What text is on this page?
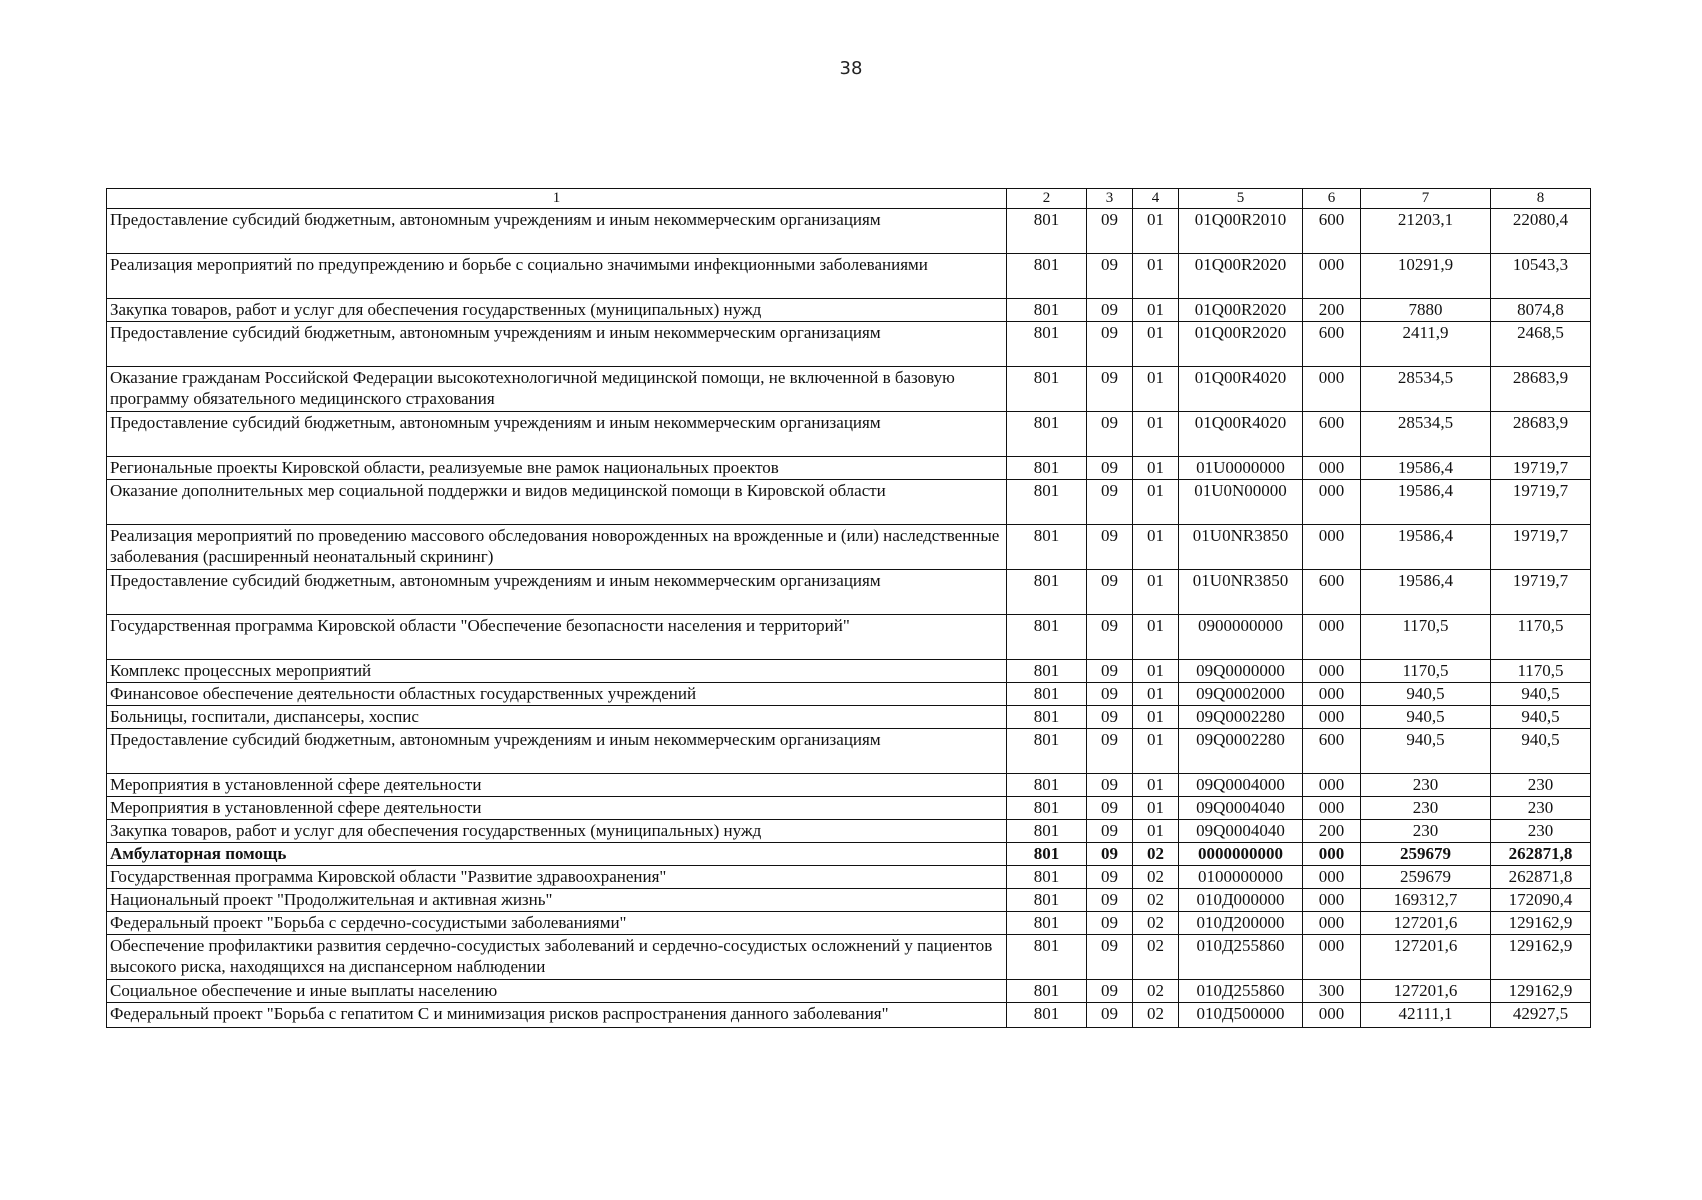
38
1	2	3	4	5	6	7	8
Предоставление субсидий бюджетным, автономным учреждениям и иным некоммерческим организациям	801	09	01	01Q00R2010	600	21203,1	22080,4
Реализация мероприятий по предупреждению и борьбе с социально значимыми инфекционными заболеваниями	801	09	01	01Q00R2020	000	10291,9	10543,3
Закупка товаров, работ и услуг для обеспечения государственных (муниципальных) нужд	801	09	01	01Q00R2020	200	7880	8074,8
Предоставление субсидий бюджетным, автономным учреждениям и иным некоммерческим организациям	801	09	01	01Q00R2020	600	2411,9	2468,5
Оказание гражданам Российской Федерации высокотехнологичной медицинской помощи, не включенной в базовую программу обязательного медицинского страхования	801	09	01	01Q00R4020	000	28534,5	28683,9
Предоставление субсидий бюджетным, автономным учреждениям и иным некоммерческим организациям	801	09	01	01Q00R4020	600	28534,5	28683,9
Региональные проекты Кировской области, реализуемые вне рамок национальных проектов	801	09	01	01U0000000	000	19586,4	19719,7
Оказание дополнительных мер социальной поддержки и видов медицинской помощи в Кировской области	801	09	01	01U0N00000	000	19586,4	19719,7
Реализация мероприятий по проведению массового обследования новорожденных на врожденные и (или) наследственные заболевания (расширенный неонатальный скрининг)	801	09	01	01U0NR3850	000	19586,4	19719,7
Предоставление субсидий бюджетным, автономным учреждениям и иным некоммерческим организациям	801	09	01	01U0NR3850	600	19586,4	19719,7
Государственная программа Кировской области "Обеспечение безопасности населения и территорий"	801	09	01	0900000000	000	1170,5	1170,5
Комплекс процессных мероприятий	801	09	01	09Q0000000	000	1170,5	1170,5
Финансовое обеспечение деятельности областных государственных учреждений	801	09	01	09Q0002000	000	940,5	940,5
Больницы, госпитали, диспансеры, хоспис	801	09	01	09Q0002280	000	940,5	940,5
Предоставление субсидий бюджетным, автономным учреждениям и иным некоммерческим организациям	801	09	01	09Q0002280	600	940,5	940,5
Мероприятия в установленной сфере деятельности	801	09	01	09Q0004000	000	230	230
Мероприятия в установленной сфере деятельности	801	09	01	09Q0004040	000	230	230
Закупка товаров, работ и услуг для обеспечения государственных (муниципальных) нужд	801	09	01	09Q0004040	200	230	230
Амбулаторная помощь	801	09	02	0000000000	000	259679	262871,8
Государственная программа Кировской области "Развитие здравоохранения"	801	09	02	0100000000	000	259679	262871,8
Национальный проект "Продолжительная и активная жизнь"	801	09	02	010Д000000	000	169312,7	172090,4
Федеральный проект "Борьба с сердечно-сосудистыми заболеваниями"	801	09	02	010Д200000	000	127201,6	129162,9
Обеспечение профилактики развития сердечно-сосудистых заболеваний и сердечно-сосудистых осложнений у пациентов высокого риска, находящихся на диспансерном наблюдении	801	09	02	010Д255860	000	127201,6	129162,9
Социальное обеспечение и иные выплаты населению	801	09	02	010Д255860	300	127201,6	129162,9
Федеральный проект "Борьба с гепатитом С и минимизация рисков распространения данного заболевания"	801	09	02	010Д500000	000	42111,1	42927,5
